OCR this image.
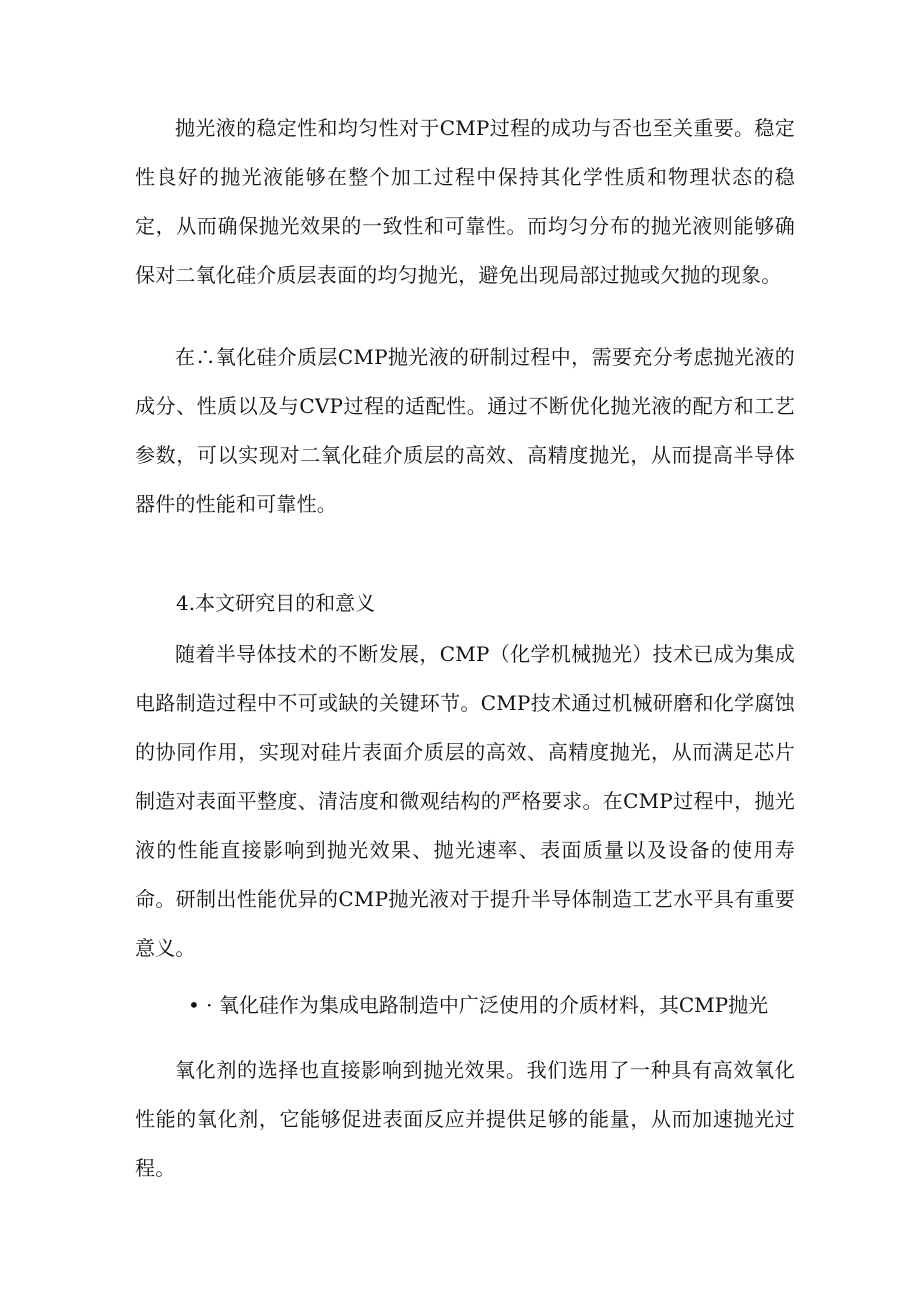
抛光液的稳定性和均匀性对于CMP过程的成功与否也至关重要。稳定性良好的抛光液能够在整个加工过程中保持其化学性质和物理状态的稳定，从而确保抛光效果的一致性和可靠性。而均匀分布的抛光液则能够确保对二氧化硅介质层表面的均匀抛光，避免出现局部过抛或欠抛的现象。

在∴氧化硅介质层CMP抛光液的研制过程中，需要充分考虑抛光液的成分、性质以及与CVP过程的适配性。通过不断优化抛光液的配方和工艺参数，可以实现对二氧化硅介质层的高效、高精度抛光，从而提高半导体器件的性能和可靠性。

4.本文研究目的和意义

随着半导体技术的不断发展，CMP（化学机械抛光）技术已成为集成电路制造过程中不可或缺的关键环节。CMP技术通过机械研磨和化学腐蚀的协同作用，实现对硅片表面介质层的高效、高精度抛光，从而满足芯片制造对表面平整度、清洁度和微观结构的严格要求。在CMP过程中，抛光液的性能直接影响到抛光效果、抛光速率、表面质量以及设备的使用寿命。研制出性能优异的CMP抛光液对于提升半导体制造工艺水平具有重要意义。

• · 氧化硅作为集成电路制造中广泛使用的介质材料，其CMP抛光

氧化剂的选择也直接影响到抛光效果。我们选用了一种具有高效氧化性能的氧化剂，它能够促进表面反应并提供足够的能量，从而加速抛光过程。
